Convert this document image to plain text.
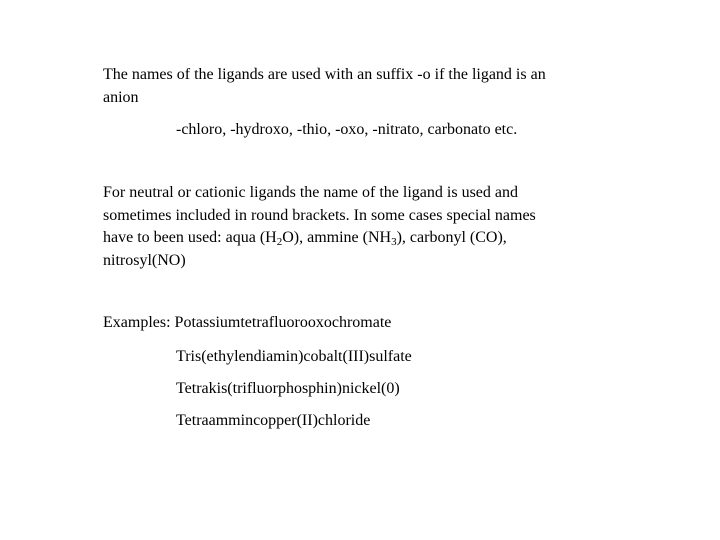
The names of the ligands are used with an suffix -o if the ligand is an
anion
-chloro, -hydroxo, -thio, -oxo, -nitrato, carbonato etc.
For neutral or cationic ligands the name of the ligand is used and
sometimes included in round brackets. In some cases special names
have to been used: aqua $(H_2O)$, ammine $(NH_3)$, carbonyl (CO),
nitrosyl(NO)
Examples: Potassiumtetrafluorooxochromate
Tris(ethylendiamin)cobalt(III)sulfate
Tetrakis(trifluorphosphin)nickel(0)
Tetraammincopper(II)chloride
